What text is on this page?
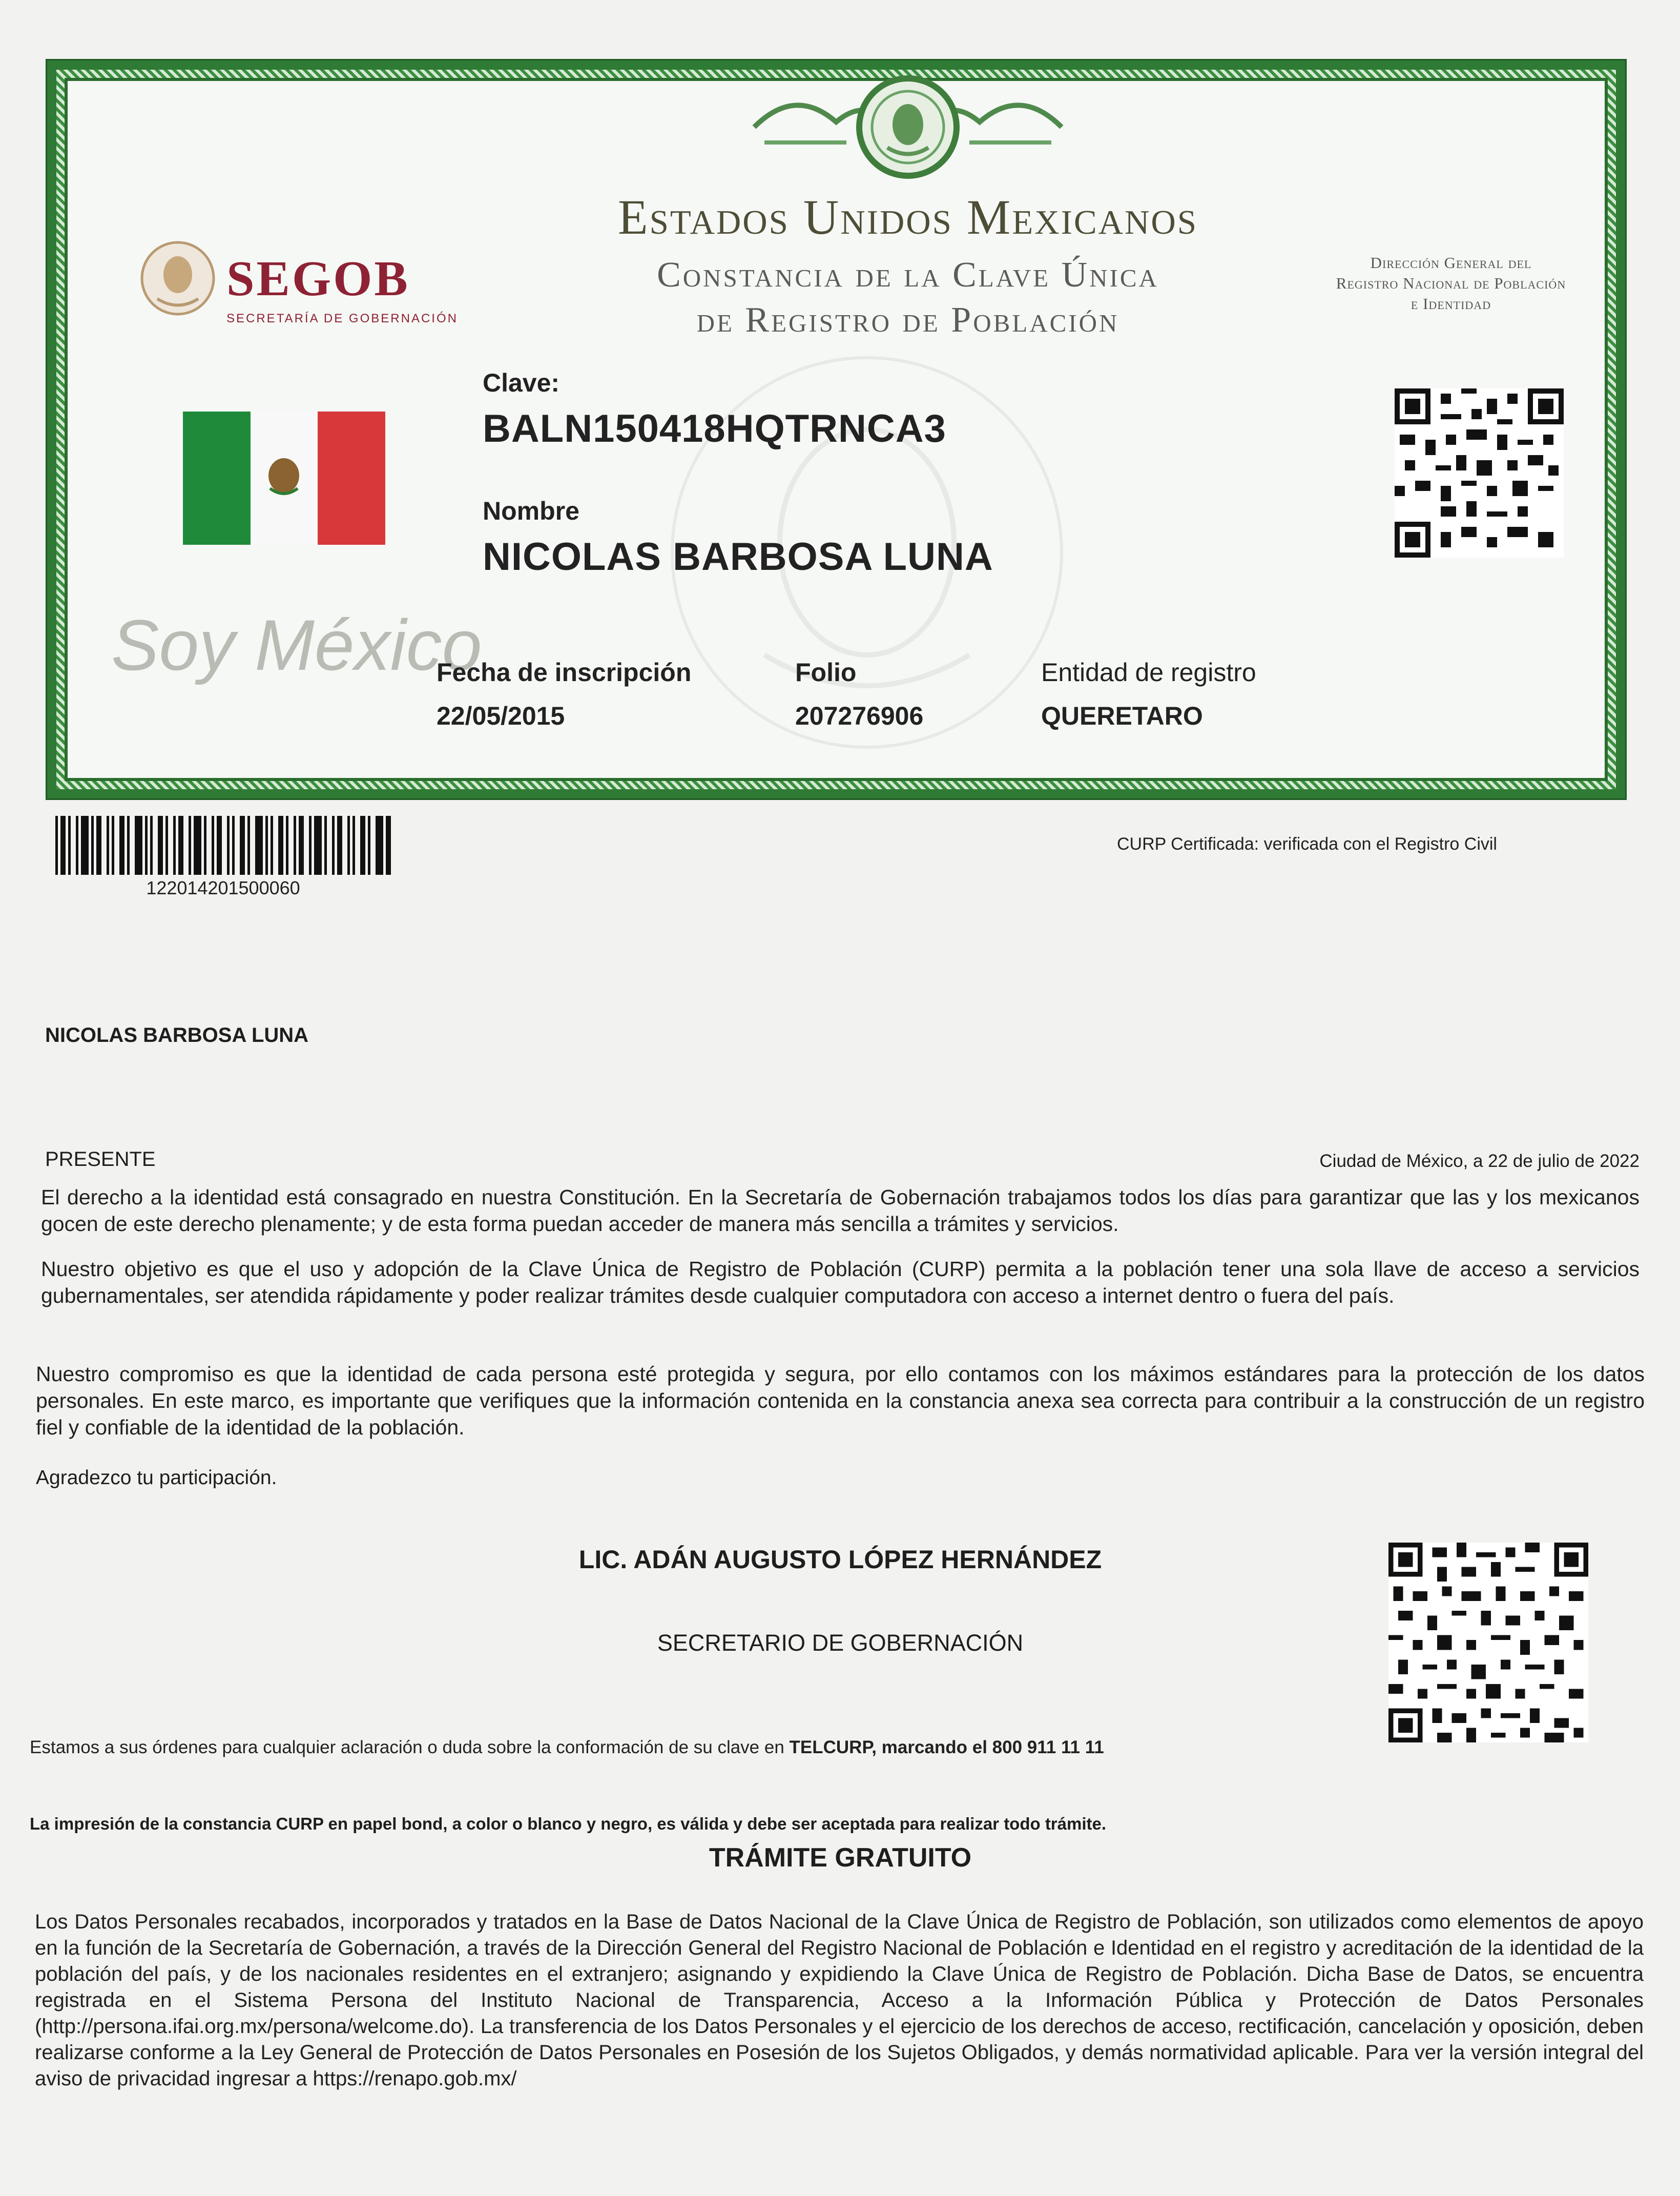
Estados Unidos Mexicanos
Constancia de la Clave Única
de Registro de Población
SEGOB
SECRETARÍA DE GOBERNACIÓN
Dirección General del
Registro Nacional de Población
e Identidad
Soy México
Clave:
BALN150418HQTRNCA3
Nombre
NICOLAS BARBOSA LUNA
Fecha de inscripción
22/05/2015
Folio
207276906
Entidad de registro
QUERETARO
122014201500060
CURP Certificada: verificada con el Registro Civil
NICOLAS BARBOSA LUNA
PRESENTE	Ciudad de México, a 22 de julio de 2022
El derecho a la identidad está consagrado en nuestra Constitución. En la Secretaría de Gobernación trabajamos todos los días para garantizar que las y los mexicanos gocen de este derecho plenamente; y de esta forma puedan acceder de manera más sencilla a trámites y servicios.
Nuestro objetivo es que el uso y adopción de la Clave Única de Registro de Población (CURP) permita a la población tener una sola llave de acceso a servicios gubernamentales, ser atendida rápidamente y poder realizar trámites desde cualquier computadora con acceso a internet dentro o fuera del país.
Nuestro compromiso es que la identidad de cada persona esté protegida y segura, por ello contamos con los máximos estándares para la protección de los datos personales. En este marco, es importante que verifiques que la información contenida en la constancia anexa sea correcta para contribuir a la construcción de un registro fiel y confiable de la identidad de la población.
Agradezco tu participación.
LIC. ADÁN AUGUSTO LÓPEZ HERNÁNDEZ
SECRETARIO DE GOBERNACIÓN
Estamos a sus órdenes para cualquier aclaración o duda sobre la conformación de su clave en TELCURP, marcando el 800 911 11 11
La impresión de la constancia CURP en papel bond, a color o blanco y negro, es válida y debe ser aceptada para realizar todo trámite.
TRÁMITE GRATUITO
Los Datos Personales recabados, incorporados y tratados en la Base de Datos Nacional de la Clave Única de Registro de Población, son utilizados como elementos de apoyo en la función de la Secretaría de Gobernación, a través de la Dirección General del Registro Nacional de Población e Identidad en el registro y acreditación de la identidad de la población del país, y de los nacionales residentes en el extranjero; asignando y expidiendo la Clave Única de Registro de Población. Dicha Base de Datos, se encuentra registrada en el Sistema Persona del Instituto Nacional de Transparencia, Acceso a la Información Pública y Protección de Datos Personales (http://persona.ifai.org.mx/persona/welcome.do). La transferencia de los Datos Personales y el ejercicio de los derechos de acceso, rectificación, cancelación y oposición, deben realizarse conforme a la Ley General de Protección de Datos Personales en Posesión de los Sujetos Obligados, y demás normatividad aplicable. Para ver la versión integral del aviso de privacidad ingresar a https://renapo.gob.mx/
